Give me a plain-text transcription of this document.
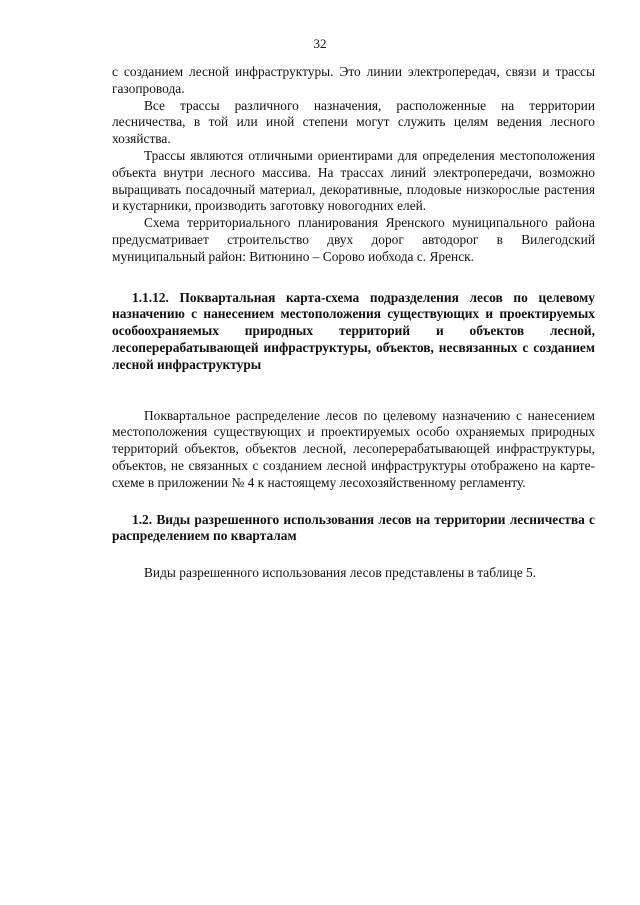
32

с созданием лесной инфраструктуры. Это линии электропередач, связи и трассы газопровода.

Все трассы различного назначения, расположенные на территории лесничества, в той или иной степени могут служить целям ведения лесного хозяйства.

Трассы являются отличными ориентирами для определения местоположения объекта внутри лесного массива. На трассах линий электропередачи, возможно выращивать посадочный материал, декоративные, плодовые низкорослые растения и кустарники, производить заготовку новогодних елей.

Схема территориального планирования Яренского муниципального района предусматривает строительство двух дорог автодорог в Вилегодский муниципальный район: Витюнино – Сорово иобхода с. Яренск.

1.1.12. Поквартальная карта-схема подразделения лесов по целевому назначению с нанесением местоположения существующих и проектируемых особоохраняемых природных территорий и объектов лесной, лесоперерабатывающей инфраструктуры, объектов, несвязанных с созданием лесной инфраструктуры

Поквартальное распределение лесов по целевому назначению с нанесением местоположения существующих и проектируемых особо охраняемых природных территорий объектов, объектов лесной, лесоперерабатывающей инфраструктуры, объектов, не связанных с созданием лесной инфраструктуры отображено на карте-схеме в приложении № 4 к настоящему лесохозяйственному регламенту.

1.2. Виды разрешенного использования лесов на территории лесничества с распределением по кварталам

Виды разрешенного использования лесов представлены в таблице 5.
